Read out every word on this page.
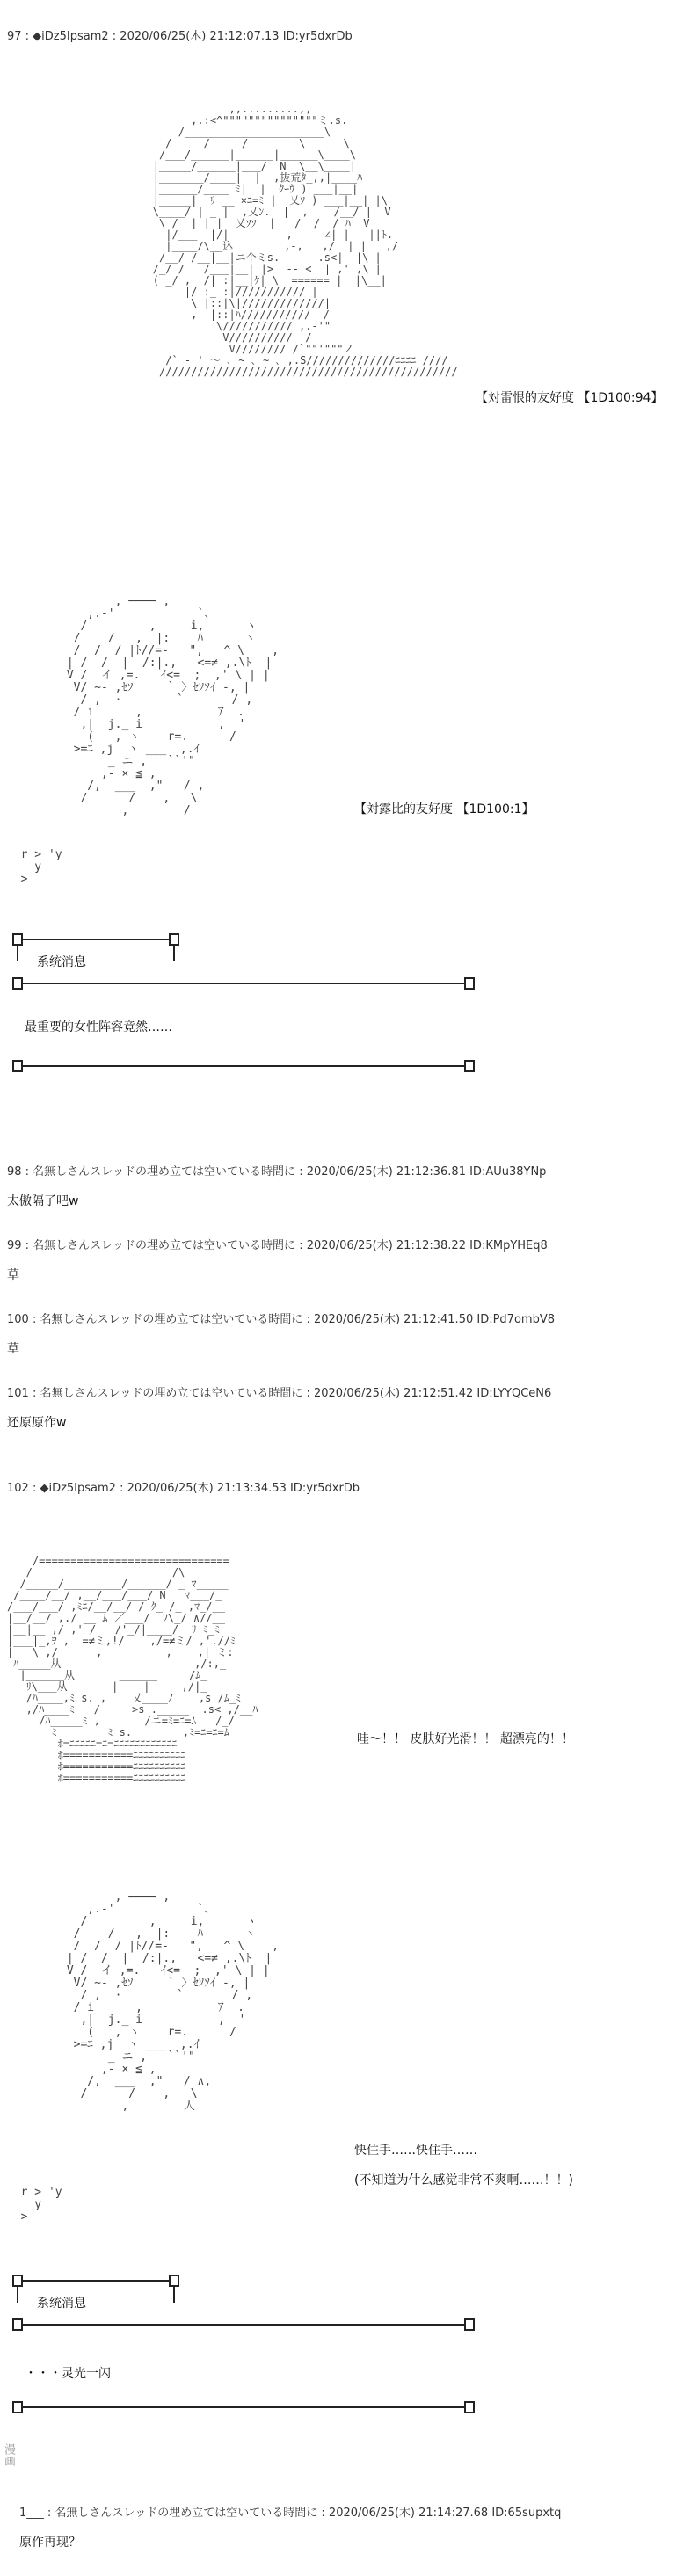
97 : ◆iDz5Ipsam2 : 2020/06/25(木) 21:12:07.13 ID:yr5dxrDb
,,.........,,
,.:<^"""""""""""""""ミ.s.
/______________________\
/_____/_____/________\______\
/___/______|______|______\____\
|_____/______|___/  N  \__\____|
|_______/____|  |  ,抜荒ﾀ_,,|____ﾊ
|______/____ ﾐ|  |  ｸｰｳ ) ___|__|
|_____|  ﾘ __ ×ﾆ=ﾐ |  乂ｿ ) ___|__| |\
\____/ | _ |  ,乂ﾝ.  |  ,    /__/ |  V
\_/  | | |  乂ｿｿ  |   /  /__/ ﾊ  V
|/___  |/|         ,     ∠| |   ||ﾄ.
|____/\__込        ,-,   ,/  | |   ,/
/__/ /__|__|ニ个ミs.      .s<|  |\ |
/_/ /   /___|__| |>  -- <  | ,' ,\ |
( _/ ,  /| :|__|ｹ| \  ====== |  |\__|
|/ :_ :|/////////// |
\ |::|\|/////////////|
,  |::|ﾊ///////////  /
\/////////// ,.-'"
V//////////  /
V//////// /`""'"""ノ
/` ‐ ' ～ ､ ~ ､ ~ ､ ,.S//////////////ﾆﾆﾆﾆ ////
///////////////////////////////////////////////
【対雷恨的友好度 【1D100:94】
, ──── ,
,.-'            `、
/         ,     i,      ヽ
/    /   ,  |:    ﾊ      ヽ
/  /  / |ﾄ//=-   ",   ^ \    ,
| /  /  |  /:|.,   <=≠ ,.\ﾄ  |
V /  イ ,=.   ｲ<=  ;  ,' \ | |
V/ ~- ,ｾｿ     ` 〉ｾｿｿｲ -, |
/ ,  ·        `       / ,
/ i      ,           ｱ  .
,|  j._ i           ,  '
(   , ヽ    r=.      /
>=ﾆ ,j  ヽ ___  ,.ｲ
_ ニ ,   ``'"
,- × ≦ ,
/,  ___  ,"   / ,
/      /    ,   \
,        /
r > 'y
y
>
【対露比的友好度 【1D100:1】
系统消息
最重要的女性阵容竟然……
98 : 名無しさんスレッドの埋め立ては空いている時間に : 2020/06/25(木) 21:12:36.81 ID:AUu38YNp
太傲隔了吧w
99 : 名無しさんスレッドの埋め立ては空いている時間に : 2020/06/25(木) 21:12:38.22 ID:KMpYHEq8
草
100 : 名無しさんスレッドの埋め立ては空いている時間に : 2020/06/25(木) 21:12:41.50 ID:Pd7ombV8
草
101 : 名無しさんスレッドの埋め立ては空いている時間に : 2020/06/25(木) 21:12:51.42 ID:LYYQCeN6
还原原作w
102 : ◆iDz5Ipsam2 : 2020/06/25(木) 21:13:34.53 ID:yr5dxrDb
/==============================
/______________________/\_______
/_____/_________/______/ _ ﾏ_____
/____/__/ ,__/___/___/ N   ﾏ___/_
/___/___/ ,ﾐﾆ/__/__/ / ｸ_ /_ ,ﾏ_/__
|__/__/ ,./ __ ﾑ ／___/  ﾌ\_/ ∧//__
|__|__ ,/ ,' /   /'_/|____/  ﾘ ﾐ_ﾐ
|___|_,ｦ ,  =≠ミ,!/    ,/=≠ミ/ ,'.//ﾐ
|___\ ,/      ,          ,    ,|_ミ:
ﾊ_____从                     ,/:,_
|______从       ______     /ﾑ_
ﾘ\___从       |    |     ,/|_
/ﾊ____,ﾐ s. ,    乂____ﾉ    ,s /ﾑ_ﾐ
,/ﾊ____ﾐ   /     >s ._____  .s< ,/__ﾊ
/ﾊ_____ﾐ ,       /ニ=ﾐ=ﾆ=ﾑ   /_/
ﾐ________ﾐ s.    ___ ,ﾐ=ﾆ=ﾆ=ﾑ
ﾎ=ﾆﾆﾆﾆﾆ=ﾆ=ﾆﾆﾆﾆﾆﾆﾆﾆﾆﾆﾆﾆ
ﾎ===========ﾆﾆﾆﾆﾆﾆﾆﾆﾆﾆ
ﾎ===========ﾆﾆﾆﾆﾆﾆﾆﾆﾆﾆ
ﾎ===========ﾆﾆﾆﾆﾆﾆﾆﾆﾆﾆ
哇～！！ 皮肤好光滑！！ 超漂亮的！！
, ──── ,
,.-'            `、
/         ,     i,      ヽ
/    /   ,  |:    ﾊ      ヽ
/  /  / |ﾄ//=-   ",   ^ \    ,
| /  /  |  /:|.,   <=≠ ,.\ﾄ  |
V /  イ ,=.   ｲ<=  ;  ,' \ | |
V/ ~- ,ｾｿ     ` 〉ｾｿｿｲ -, |
/ ,  ·        `       / ,
/ i      ,           ｱ  .
,|  j._ i           ,  '
(   , ヽ    r=.      /
>=ﾆ ,j  ヽ ___  ,.ｲ
_ ニ ,   ``'"
,- × ≦ ,
/,  ___  ,"   / ∧,
/      /    ,   \
,        人
r > 'y
y
>
快住手……快住手……
(不知道为什么感觉非常不爽啊……！！)
系统消息
・・・灵光一闪
漫画
1___ : 名無しさんスレッドの埋め立ては空いている時間に : 2020/06/25(木) 21:14:27.68 ID:65supxtq
原作再现？
